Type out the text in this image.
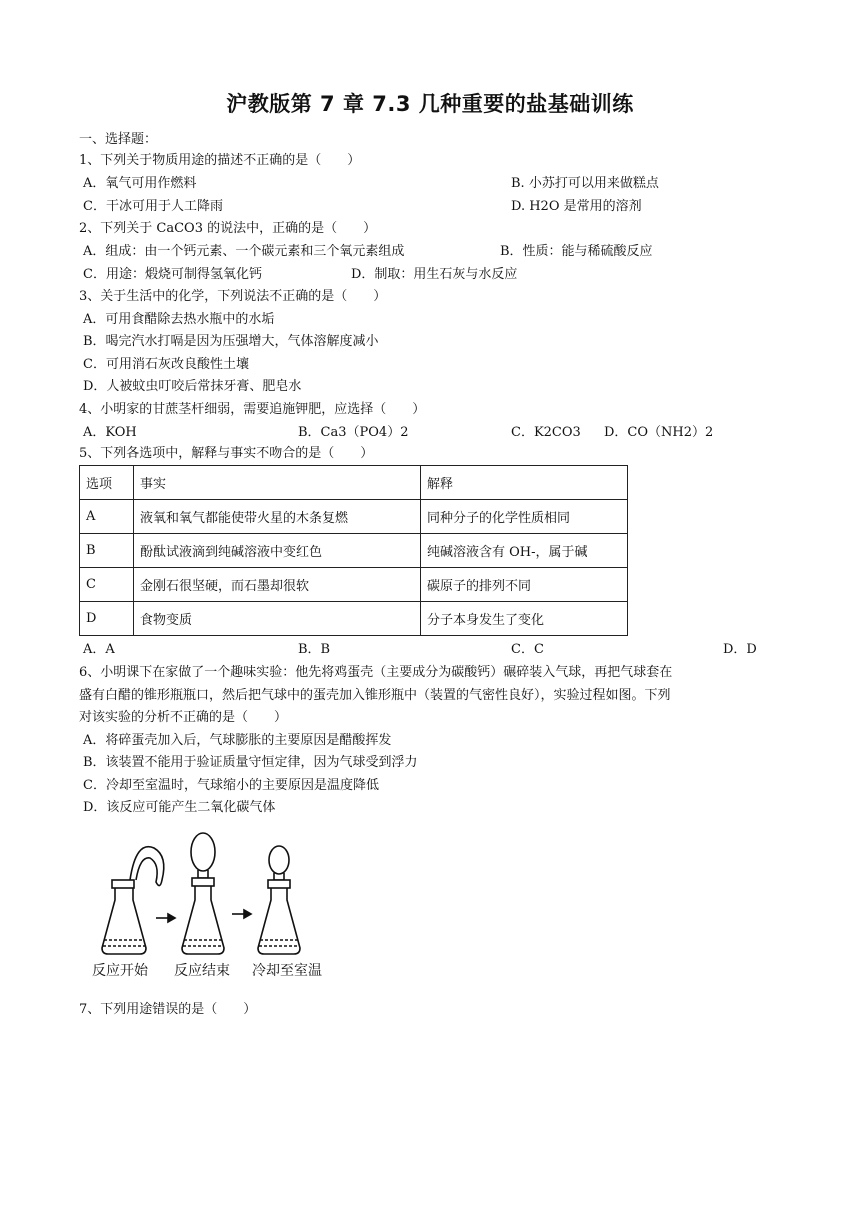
沪教版第 7 章 7.3 几种重要的盐基础训练
一、选择题：
1、下列关于物质用途的描述不正确的是（　　）
A．氧气可用作燃料	B. 小苏打可以用来做糕点
C．干冰可用于人工降雨	D. H2O 是常用的溶剂
2、下列关于 CaCO3 的说法中，正确的是（　　）
A．组成：由一个钙元素、一个碳元素和三个氧元素组成	B．性质：能与稀硫酸反应
C．用途：煅烧可制得氢氧化钙	D．制取：用生石灰与水反应
3、关于生活中的化学，下列说法不正确的是（　　）
A．可用食醋除去热水瓶中的水垢
B．喝完汽水打嗝是因为压强增大，气体溶解度减小
C．可用消石灰改良酸性土壤
D．人被蚊虫叮咬后常抹牙膏、肥皂水
4、小明家的甘蔗茎杆细弱，需要追施钾肥，应选择（　　）
A．KOH	B．Ca3（PO4）2	C．K2CO3 D．CO（NH2）2
5、下列各选项中，解释与事实不吻合的是（　　）
选项	事实	解释
A	液氧和氧气都能使带火星的木条复燃	同种分子的化学性质相同
B	酚酞试液滴到纯碱溶液中变红色	纯碱溶液含有 OH-，属于碱
C	金刚石很坚硬，而石墨却很软	碳原子的排列不同
D	食物变质	分子本身发生了变化
A．A	B．B	C．C	D．D
6、小明课下在家做了一个趣味实验：他先将鸡蛋壳（主要成分为碳酸钙）碾碎装入气球，再把气球套在
盛有白醋的锥形瓶瓶口，然后把气球中的蛋壳加入锥形瓶中（装置的气密性良好），实验过程如图。下列
对该实验的分析不正确的是（　　）
A．将碎蛋壳加入后，气球膨胀的主要原因是醋酸挥发
B．该装置不能用于验证质量守恒定律，因为气球受到浮力
C．冷却至室温时，气球缩小的主要原因是温度降低
D．该反应可能产生二氧化碳气体
反应开始 反应结束 冷却至室温
7、下列用途错误的是（　　）
